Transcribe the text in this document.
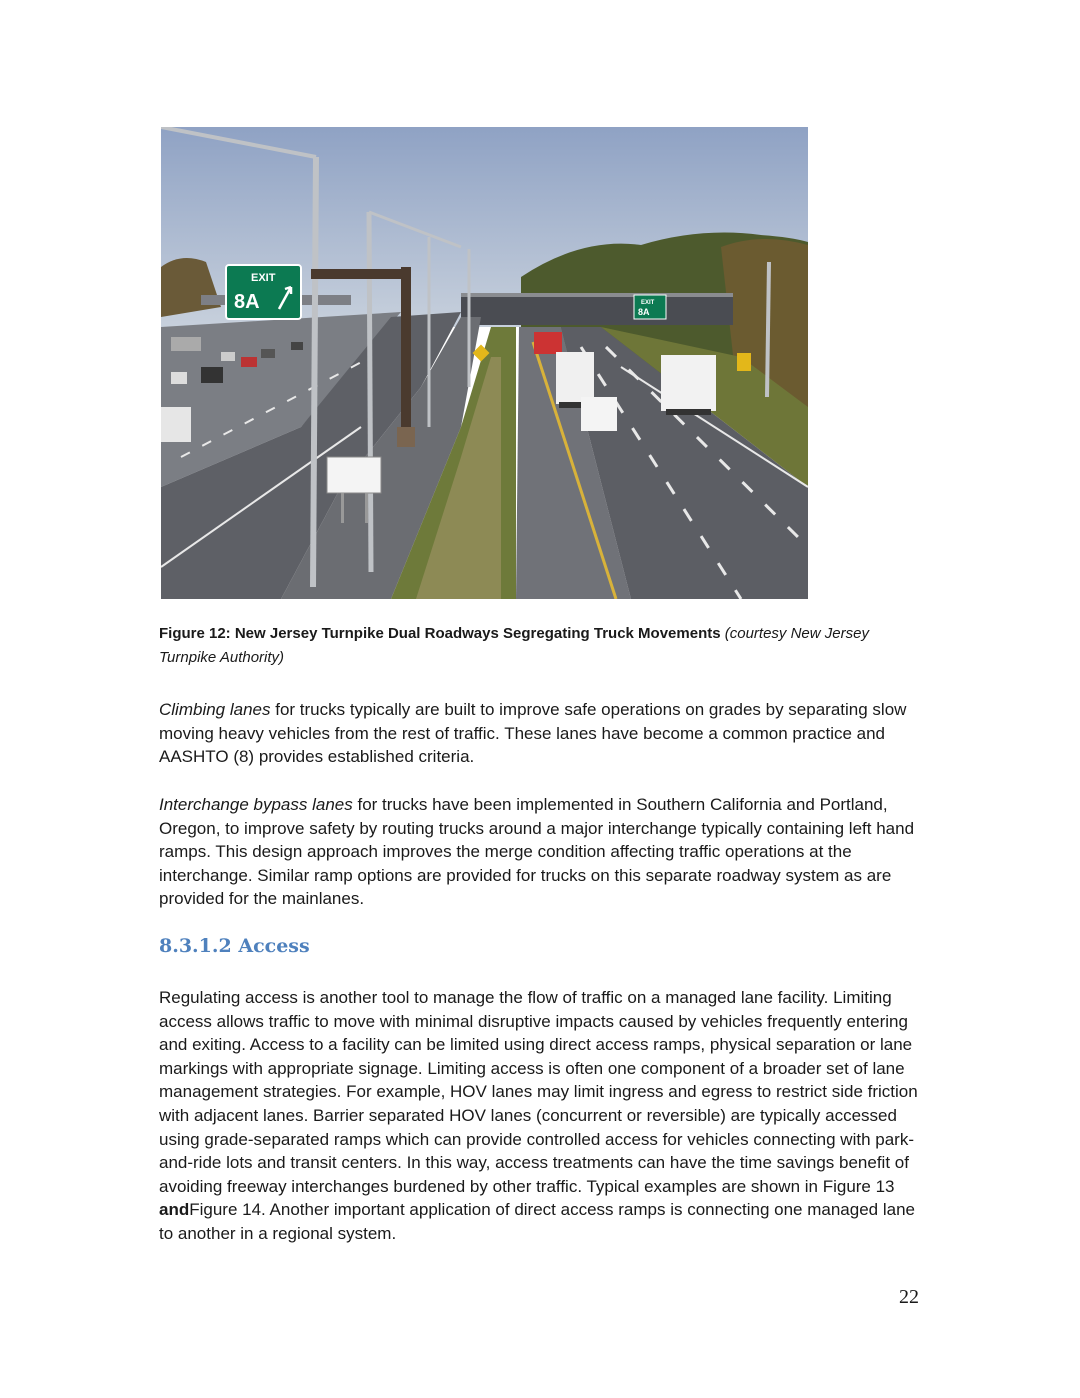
EXIT
8A	EXIT
8A
Figure 12: New Jersey Turnpike Dual Roadways Segregating Truck Movements (courtesy New Jersey Turnpike Authority)

Climbing lanes for trucks typically are built to improve safe operations on grades by separating slow moving heavy vehicles from the rest of traffic. These lanes have become a common practice and AASHTO (8) provides established criteria.

Interchange bypass lanes for trucks have been implemented in Southern California and Portland, Oregon, to improve safety by routing trucks around a major interchange typically containing left hand ramps. This design approach improves the merge condition affecting traffic operations at the interchange. Similar ramp options are provided for trucks on this separate roadway system as are provided for the mainlanes.

8.3.1.2 Access

Regulating access is another tool to manage the flow of traffic on a managed lane facility. Limiting access allows traffic to move with minimal disruptive impacts caused by vehicles frequently entering and exiting. Access to a facility can be limited using direct access ramps, physical separation or lane markings with appropriate signage. Limiting access is often one component of a broader set of lane management strategies. For example, HOV lanes may limit ingress and egress to restrict side friction with adjacent lanes. Barrier separated HOV lanes (concurrent or reversible) are typically accessed using grade-separated ramps which can provide controlled access for vehicles connecting with park-and-ride lots and transit centers. In this way, access treatments can have the time savings benefit of avoiding freeway interchanges burdened by other traffic. Typical examples are shown in Figure 13 andFigure 14. Another important application of direct access ramps is connecting one managed lane to another in a regional system.

22
